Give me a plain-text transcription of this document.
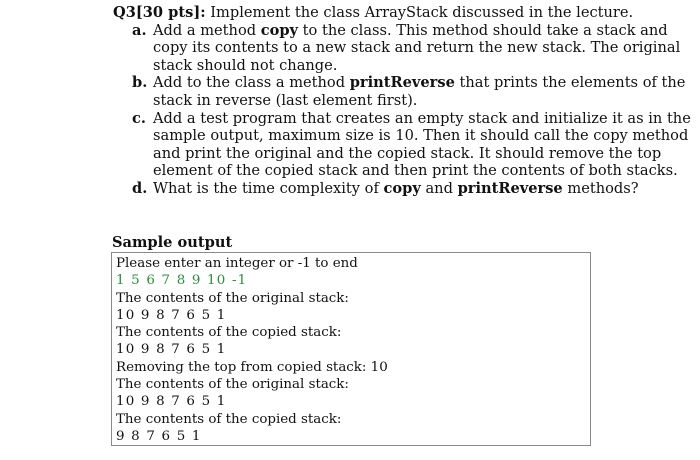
Q3[30 pts]: Implement the class ArrayStack discussed in the lecture.

a. Add a method copy to the class. This method should take a stack and copy its contents to a new stack and return the new stack. The original stack should not change.
b. Add to the class a method printReverse that prints the elements of the stack in reverse (last element first).
c. Add a test program that creates an empty stack and initialize it as in the sample output, maximum size is 10. Then it should call the copy method and print the original and the copied stack. It should remove the top element of the copied stack and then print the contents of both stacks.
d. What is the time complexity of copy and printReverse methods?

Sample output

Please enter an integer or -1 to end
1 5 6 7 8 9 10 -1
The contents of the original stack:
10 9 8 7 6 5 1
The contents of the copied stack:
10 9 8 7 6 5 1
Removing the top from copied stack: 10
The contents of the original stack:
10 9 8 7 6 5 1
The contents of the copied stack:
9 8 7 6 5 1
